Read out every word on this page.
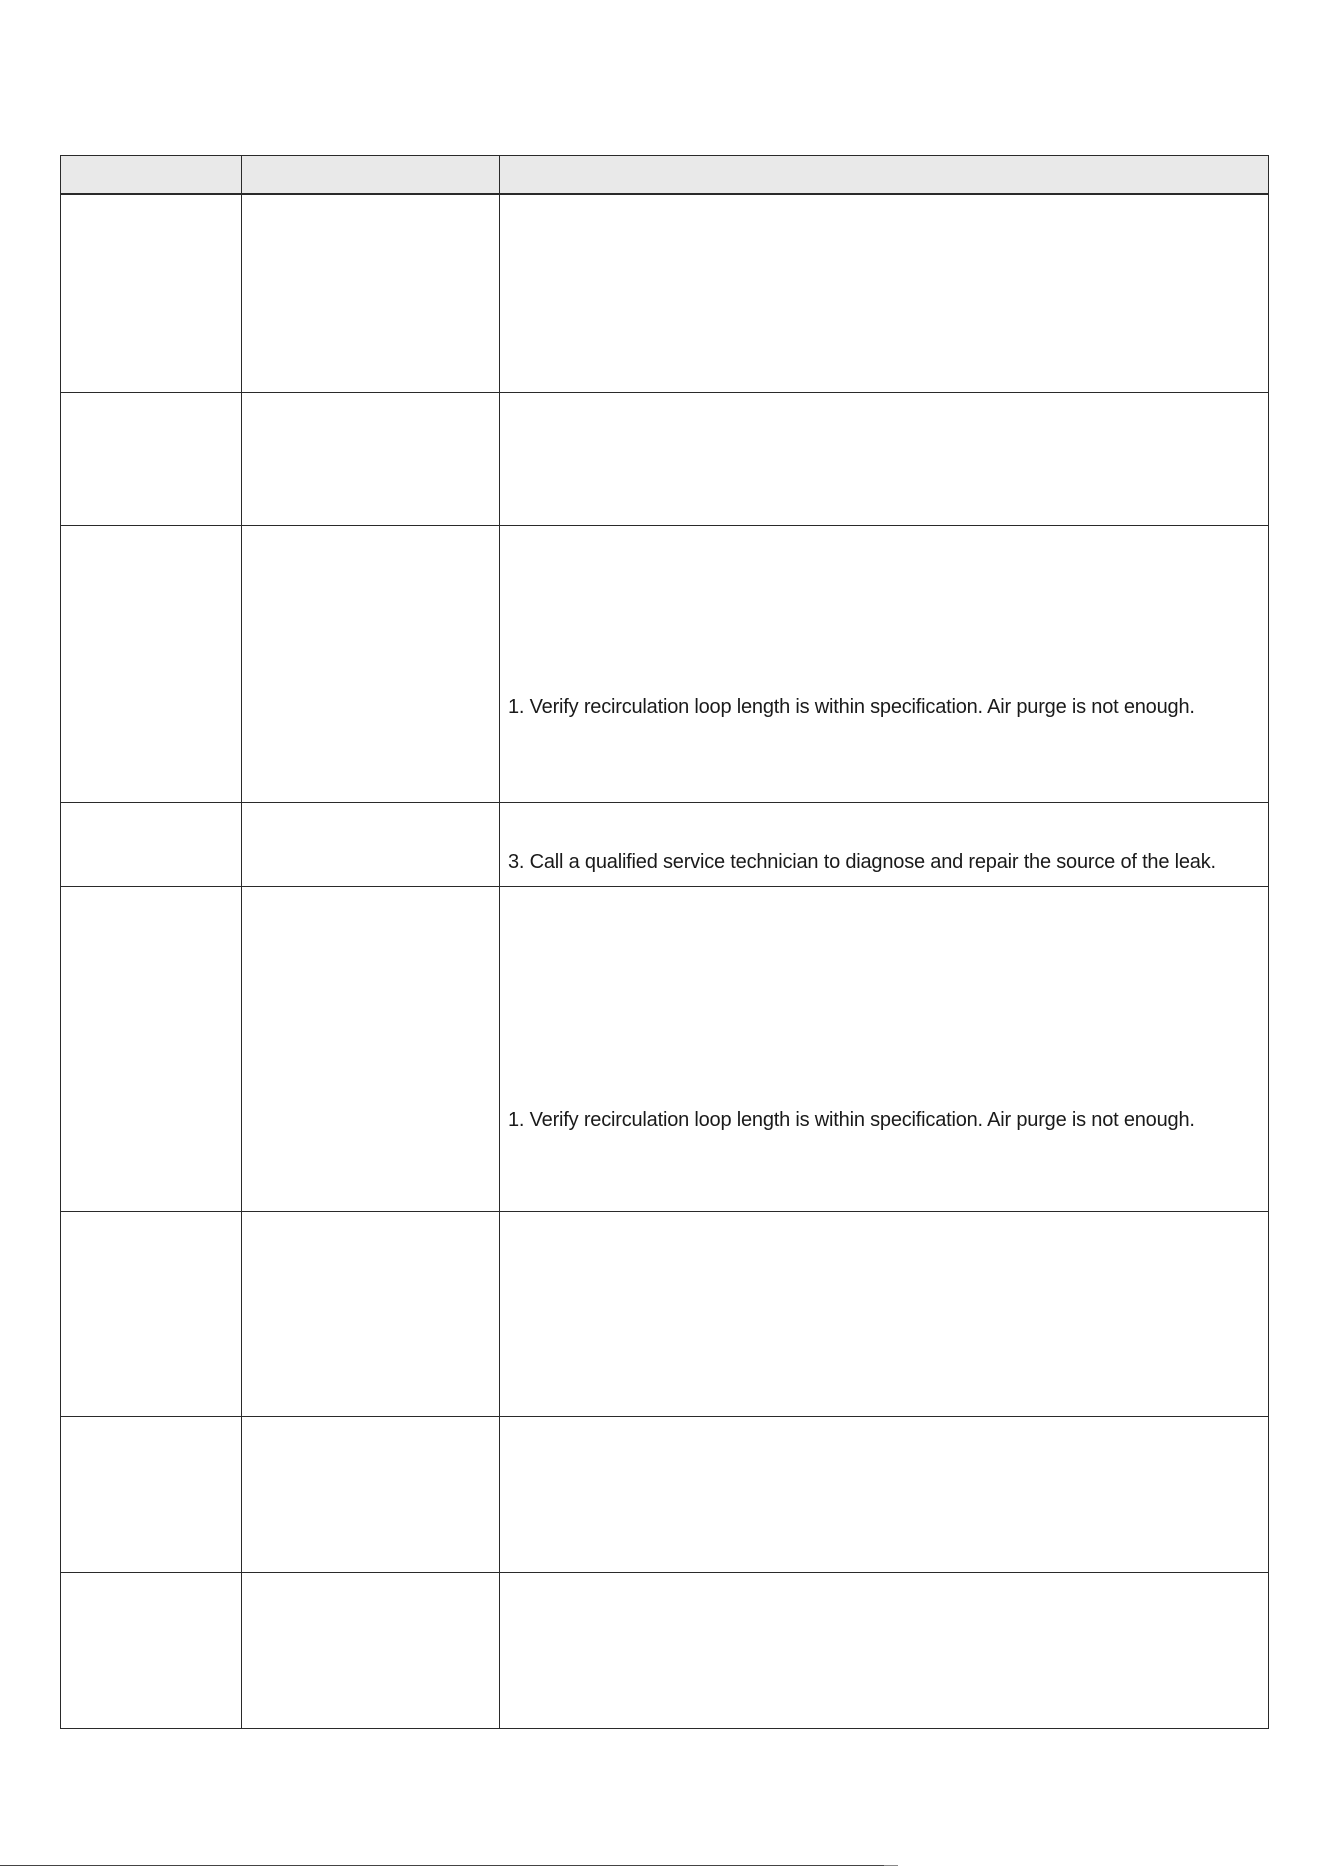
		1. Verify recirculation loop length is within specification. Air purge is not enough.

		3. Call a qualified service technician to diagnose and repair the source of the leak.

		1. Verify recirculation loop length is within specification. Air purge is not enough.
